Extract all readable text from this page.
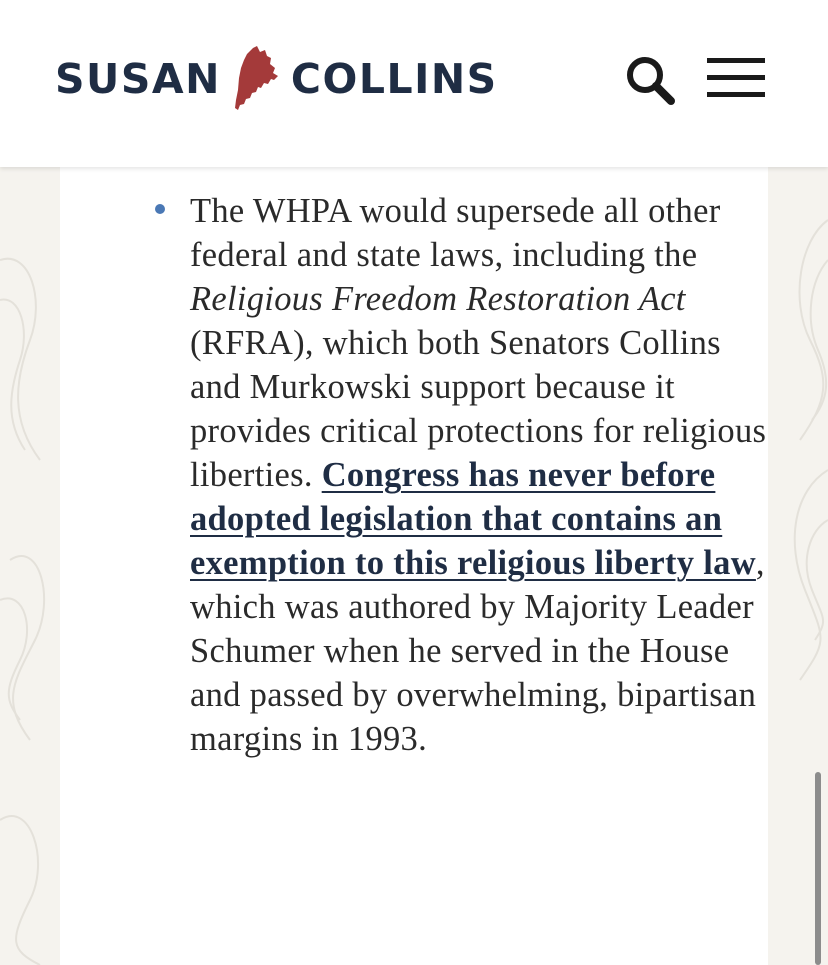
SUSAN COLLINS
The WHPA would supersede all other federal and state laws, including the Religious Freedom Restoration Act (RFRA), which both Senators Collins and Murkowski support because it provides critical protections for religious liberties. Congress has never before adopted legislation that contains an exemption to this religious liberty law, which was authored by Majority Leader Schumer when he served in the House and passed by overwhelming, bipartisan margins in 1993.
